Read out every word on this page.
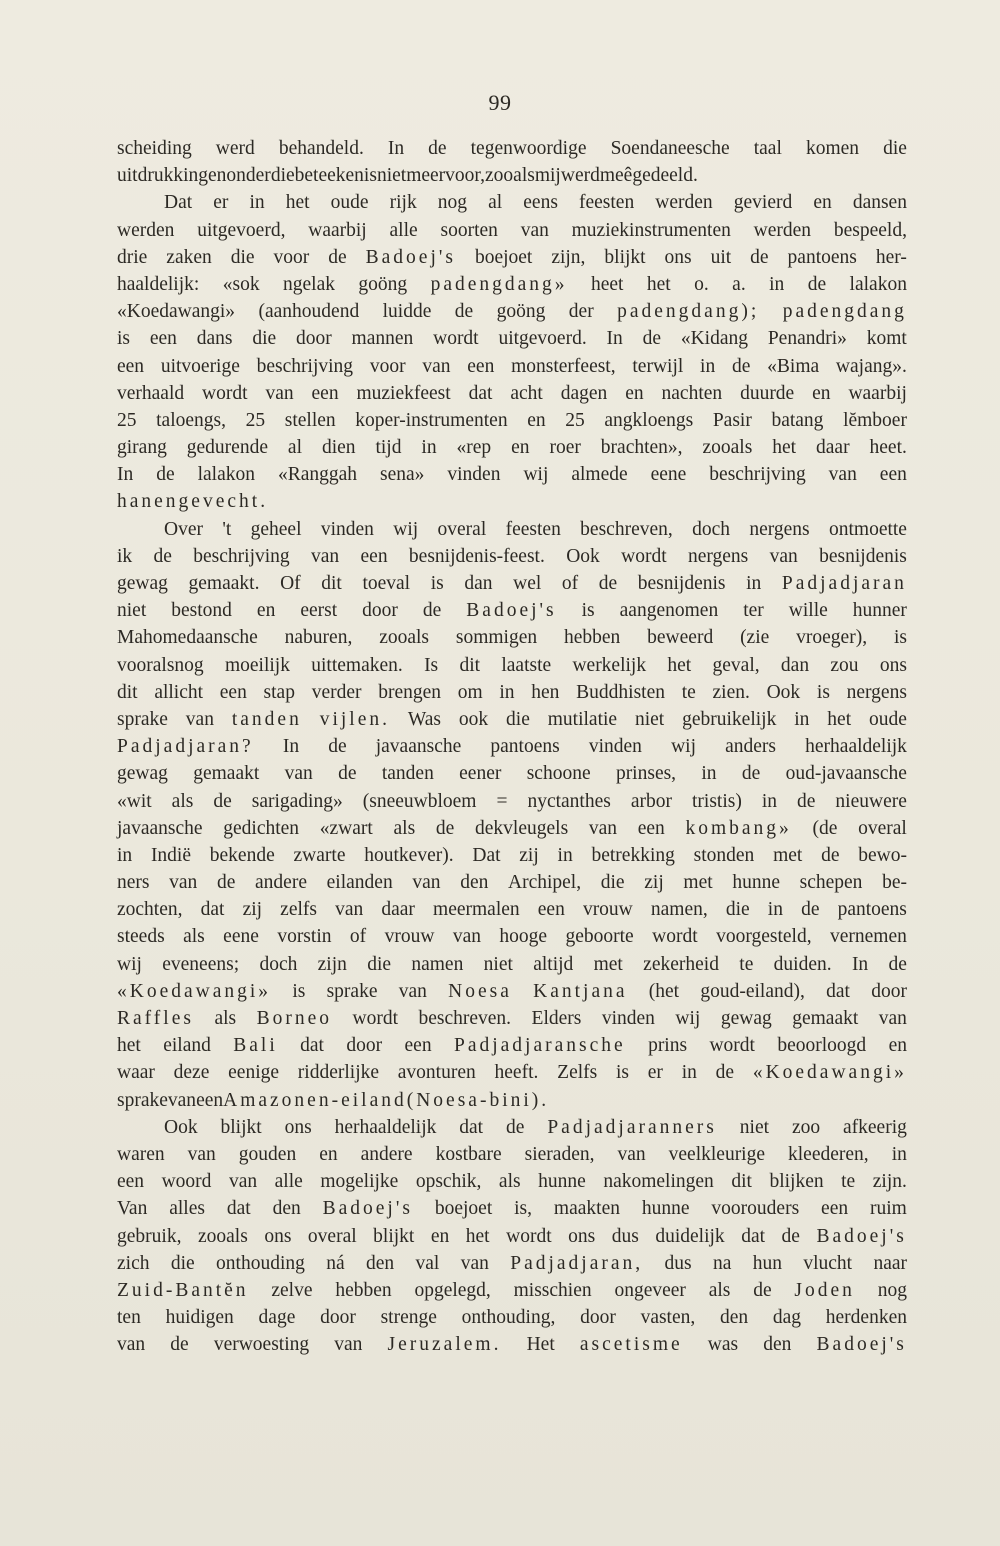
99
scheiding werd behandeld. In de tegenwoordige Soendaneesche taal komen die
uitdrukkingen onder die beteekenis niet meer voor, zooals mij werd meêgedeeld.
Dat er in het oude rijk nog al eens feesten werden gevierd en dansen
werden uitgevoerd, waarbij alle soorten van muziekinstrumenten werden bespeeld,
drie zaken die voor de Badoej's boejoet zijn, blijkt ons uit de pantoens her-
haaldelijk: «sok ngelak goöng padengdang» heet het o. a. in de lalakon
«Koedawangi» (aanhoudend luidde de goöng der padengdang); padengdang
is een dans die door mannen wordt uitgevoerd. In de «Kidang Penandri» komt
een uitvoerige beschrijving voor van een monsterfeest, terwijl in de «Bima wajang».
verhaald wordt van een muziekfeest dat acht dagen en nachten duurde en waarbij
25 taloengs, 25 stellen koper-instrumenten en 25 angkloengs Pasir batang lĕmboer
girang gedurende al dien tijd in «rep en roer brachten», zooals het daar heet.
In de lalakon «Ranggah sena» vinden wij almede eene beschrijving van een
hanengevecht.
Over 't geheel vinden wij overal feesten beschreven, doch nergens ontmoette
ik de beschrijving van een besnijdenis-feest. Ook wordt nergens van besnijdenis
gewag gemaakt. Of dit toeval is dan wel of de besnijdenis in Padjadjaran
niet bestond en eerst door de Badoej's is aangenomen ter wille hunner
Mahomedaansche naburen, zooals sommigen hebben beweerd (zie vroeger), is
vooralsnog moeilijk uittemaken. Is dit laatste werkelijk het geval, dan zou ons
dit allicht een stap verder brengen om in hen Buddhisten te zien. Ook is nergens
sprake van tanden vijlen. Was ook die mutilatie niet gebruikelijk in het oude
Padjadjaran? In de javaansche pantoens vinden wij anders herhaaldelijk
gewag gemaakt van de tanden eener schoone prinses, in de oud-javaansche
«wit als de sarigading» (sneeuwbloem = nyctanthes arbor tristis) in de nieuwere
javaansche gedichten «zwart als de dekvleugels van een kombang» (de overal
in Indië bekende zwarte houtkever). Dat zij in betrekking stonden met de bewo-
ners van de andere eilanden van den Archipel, die zij met hunne schepen be-
zochten, dat zij zelfs van daar meermalen een vrouw namen, die in de pantoens
steeds als eene vorstin of vrouw van hooge geboorte wordt voorgesteld, vernemen
wij eveneens; doch zijn die namen niet altijd met zekerheid te duiden. In de
«Koedawangi» is sprake van Noesa Kantjana (het goud-eiland), dat door
Raffles als Borneo wordt beschreven. Elders vinden wij gewag gemaakt van
het eiland Bali dat door een Padjadjaransche prins wordt beoorloogd en
waar deze eenige ridderlijke avonturen heeft. Zelfs is er in de «Koedawangi»
sprake van een Amazonen-eiland (Noesa-bini).
Ook blijkt ons herhaaldelijk dat de Padjadjaranners niet zoo afkeerig
waren van gouden en andere kostbare sieraden, van veelkleurige kleederen, in
een woord van alle mogelijke opschik, als hunne nakomelingen dit blijken te zijn.
Van alles dat den Badoej's boejoet is, maakten hunne voorouders een ruim
gebruik, zooals ons overal blijkt en het wordt ons dus duidelijk dat de Badoej's
zich die onthouding ná den val van Padjadjaran, dus na hun vlucht naar
Zuid-Bantĕn zelve hebben opgelegd, misschien ongeveer als de Joden nog
ten huidigen dage door strenge onthouding, door vasten, den dag herdenken
van de verwoesting van Jeruzalem. Het ascetisme was den Badoej's
